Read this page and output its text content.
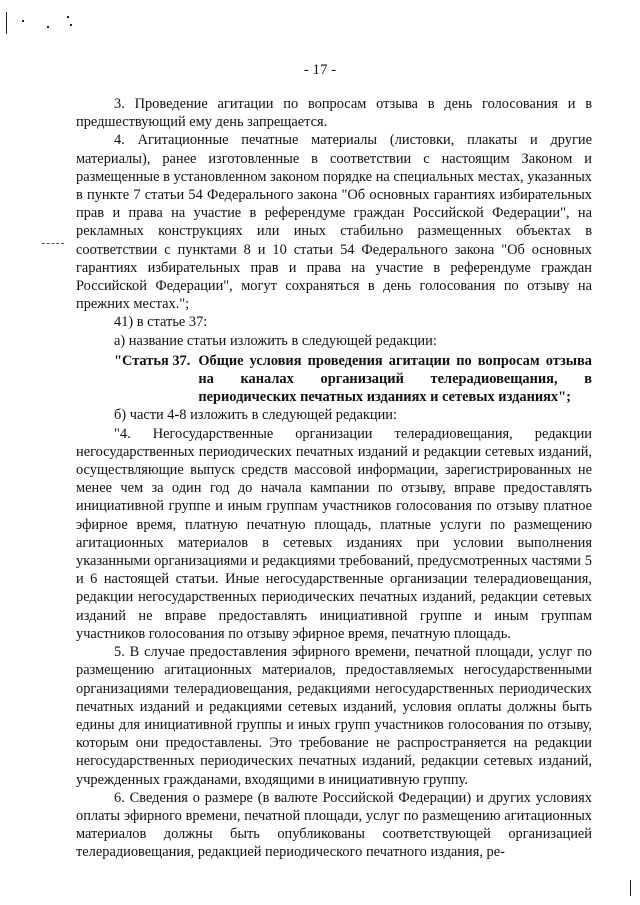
- 17 -

3. Проведение агитации по вопросам отзыва в день голосования и в предшествующий ему день запрещается.

4. Агитационные печатные материалы (листовки, плакаты и другие материалы), ранее изготовленные в соответствии с настоящим Законом и размещенные в установленном законом порядке на специальных местах, указанных в пункте 7 статьи 54 Федерального закона "Об основных гарантиях избирательных прав и права на участие в референдуме граждан Российской Федерации", на рекламных конструкциях или иных стабильно размещенных объектах в соответствии с пунктами 8 и 10 статьи 54 Федерального закона "Об основных гарантиях избирательных прав и права на участие в референдуме граждан Российской Федерации", могут сохраняться в день голосования по отзыву на прежних местах.";

41) в статье 37:

а) название статьи изложить в следующей редакции:

"Статья 37. Общие условия проведения агитации по вопросам отзыва на каналах организаций телерадиовещания, в периодических печатных изданиях и сетевых изданиях";

б) части 4-8 изложить в следующей редакции:

"4. Негосударственные организации телерадиовещания, редакции негосударственных периодических печатных изданий и редакции сетевых изданий, осуществляющие выпуск средств массовой информации, зарегистрированных не менее чем за один год до начала кампании по отзыву, вправе предоставлять инициативной группе и иным группам участников голосования по отзыву платное эфирное время, платную печатную площадь, платные услуги по размещению агитационных материалов в сетевых изданиях при условии выполнения указанными организациями и редакциями требований, предусмотренных частями 5 и 6 настоящей статьи. Иные негосударственные организации телерадиовещания, редакции негосударственных периодических печатных изданий, редакции сетевых изданий не вправе предоставлять инициативной группе и иным группам участников голосования по отзыву эфирное время, печатную площадь.

5. В случае предоставления эфирного времени, печатной площади, услуг по размещению агитационных материалов, предоставляемых негосударственными организациями телерадиовещания, редакциями негосударственных периодических печатных изданий и редакциями сетевых изданий, условия оплаты должны быть едины для инициативной группы и иных групп участников голосования по отзыву, которым они предоставлены. Это требование не распространяется на редакции негосударственных периодических печатных изданий, редакции сетевых изданий, учрежденных гражданами, входящими в инициативную группу.

6. Сведения о размере (в валюте Российской Федерации) и других условиях оплаты эфирного времени, печатной площади, услуг по размещению агитационных материалов должны быть опубликованы соответствующей организацией телерадиовещания, редакцией периодического печатного издания, ре-
